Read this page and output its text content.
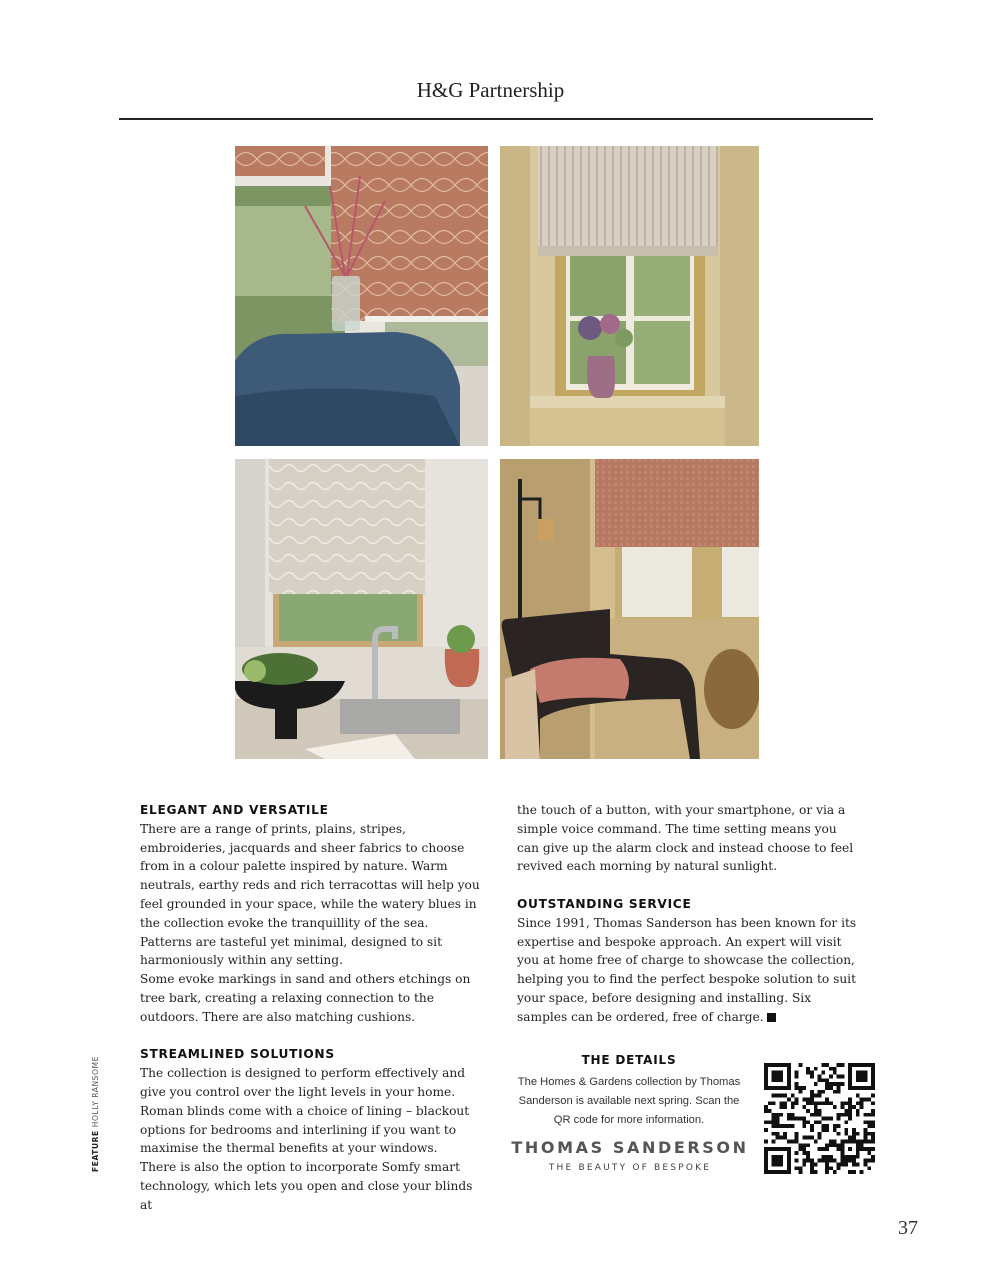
H&G Partnership

ELEGANT AND VERSATILE

There are a range of prints, plains, stripes, embroideries, jacquards and sheer fabrics to choose from in a colour palette inspired by nature. Warm neutrals, earthy reds and rich terracottas will help you feel grounded in your space, while the watery blues in the collection evoke the tranquillity of the sea. Patterns are tasteful yet minimal, designed to sit harmoniously within any setting.

Some evoke markings in sand and others etchings on tree bark, creating a relaxing connection to the outdoors. There are also matching cushions.

STREAMLINED SOLUTIONS

The collection is designed to perform effectively and give you control over the light levels in your home. Roman blinds come with a choice of lining – blackout options for bedrooms and interlining if you want to maximise the thermal benefits at your windows.

There is also the option to incorporate Somfy smart technology, which lets you open and close your blinds at

the touch of a button, with your smartphone, or via a simple voice command. The time setting means you can give up the alarm clock and instead choose to feel revived each morning by natural sunlight.

OUTSTANDING SERVICE

Since 1991, Thomas Sanderson has been known for its expertise and bespoke approach. An expert will visit you at home free of charge to showcase the collection, helping you to find the perfect bespoke solution to suit your space, before designing and installing. Six samples can be ordered, free of charge.

THE DETAILS
The Homes & Gardens collection by Thomas Sanderson is available next spring. Scan the QR code for more information.
THOMAS SANDERSON
THE BEAUTY OF BESPOKE
FEATURE HOLLY RANSOME
37
